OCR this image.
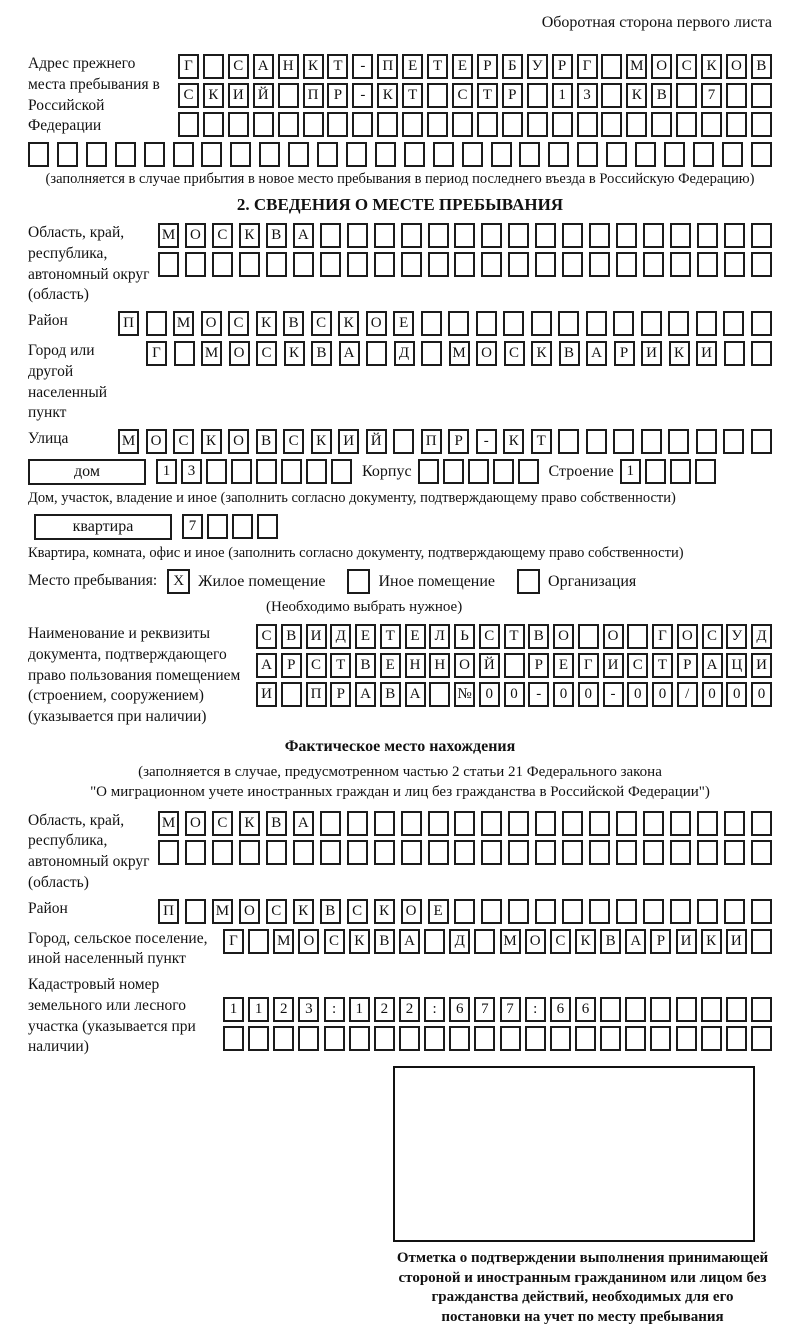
Оборотная сторона первого листа
Адрес прежнего места пребывания в Российской Федерации
Г	С А Н К	Т	-	П Е	Т	Е	Р	Б	У	Р	Г	М О С К О В
С К И Й	П	Р	-	К	Т	С	Т	Р	1	3	К В	7
(заполняется в случае прибытия в новое место пребывания в период последнего въезда в Российскую Федерацию)
2. СВЕДЕНИЯ О МЕСТЕ ПРЕБЫВАНИЯ
Область, край, республика, автономный округ (область)
М О	С	К	В	А
Район	П	М	О	С	К	В	С	К	О	Е
Город или другой населенный пункт
Г	М	О	С	К	В	А	Д	М	О	С	К	В	А	Р	И	К	И
Улица	М	О	С	К	О	В	С	К	И	Й	П	Р	-	К	Т
дом	1	3	Корпус	Строение 1
Дом, участок, владение и иное (заполнить согласно документу, подтверждающему право собственности)
квартира	7
Квартира, комната, офис и иное (заполнить согласно документу, подтверждающему право собственности)
Место пребывания:	X Жилое помещение	Иное помещение	Организация
(Необходимо выбрать нужное)
Наименование и реквизиты документа, подтверждающего право пользования помещением (строением, сооружением) (указывается при наличии)
С В И Д	Е	Т	Е	Л	Ь	С	Т	В О	О	Г	О С У Д
А	Р	С	Т	В	Е Н Н О Й	Р	Е	Г	И С	Т	Р	А Ц И
И	П	Р	А В А	№ 0	0	-	0	0	-	0	0	/	0	0	0
Фактическое место нахождения
(заполняется в случае, предусмотренном частью 2 статьи 21 Федерального закона
"О миграционном учете иностранных граждан и лиц без гражданства в Российской Федерации")
Область, край, республика, автономный округ (область)
М О	С	К	В	А
Район	П	М О	С	К	В	С	К	О	Е
Город, сельское поселение, иной населенный пункт
Г	М О С	К	В А	Д	М О С	К	В А	Р	И К И
Кадастровый номер земельного или лесного участка (указывается при наличии)
1	1	2	3	:	1	2	2	:	6	7	7	:	6	6
Отметка о подтверждении выполнения принимающей стороной и иностранным гражданином или лицом без гражданства действий, необходимых для его постановки на учет по месту пребывания
